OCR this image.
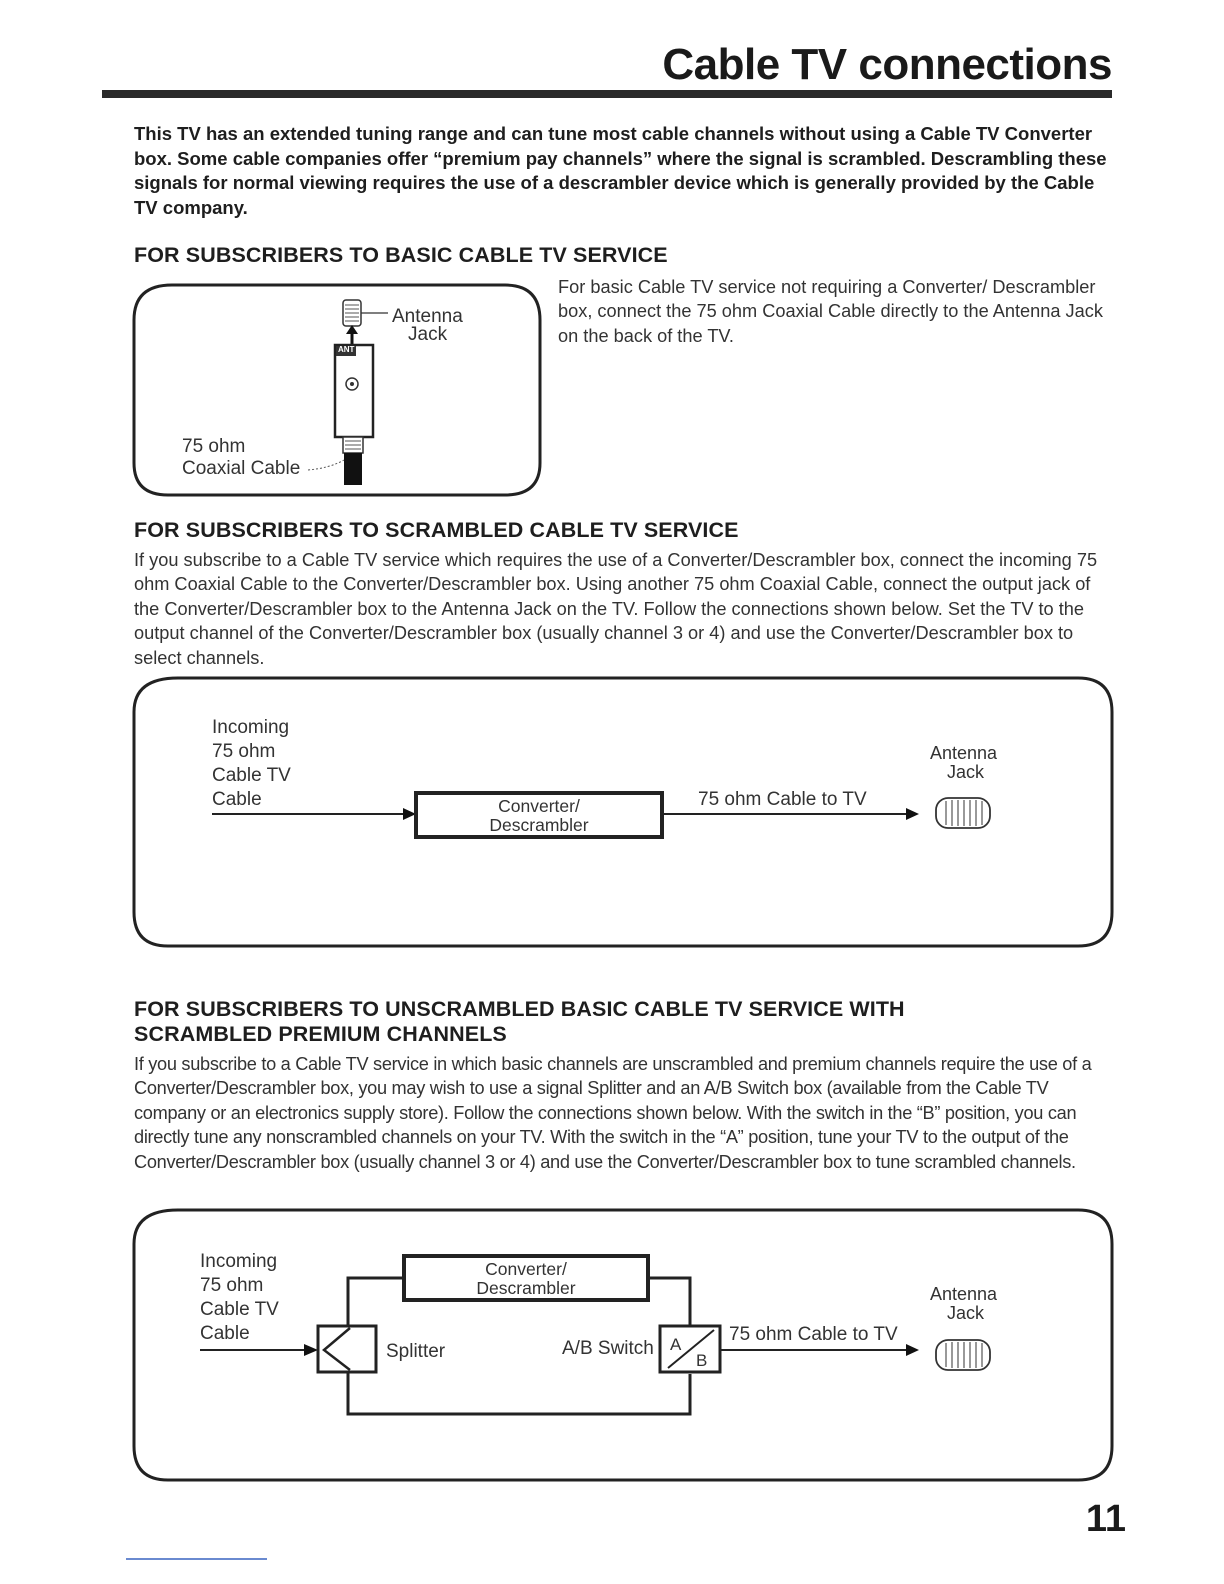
Cable TV connections
This TV has an extended tuning range and can tune most cable channels without using a Cable TV Converter box. Some cable companies offer “premium pay channels” where the signal is scrambled. Descrambling these signals for normal viewing requires the use of a descrambler device which is generally provided by the Cable TV company.
FOR SUBSCRIBERS TO BASIC CABLE TV SERVICE
For basic Cable TV service not requiring a Converter/ Descrambler box, connect the 75 ohm Coaxial Cable directly to the Antenna Jack on the back of the TV.
Antenna
Jack
ANT
75 ohm
Coaxial Cable
FOR SUBSCRIBERS TO SCRAMBLED CABLE TV SERVICE
If you subscribe to a Cable TV service which requires the use of a Converter/Descrambler box, connect the incoming 75 ohm Coaxial Cable to the Converter/Descrambler box. Using another 75 ohm Coaxial Cable, connect the output jack of the Converter/Descrambler box to the Antenna Jack on the TV. Follow the connections shown below. Set the TV to the output channel of the Converter/Descrambler box (usually channel 3 or 4) and use the Converter/Descrambler box to select channels.
Incoming
75 ohm
Cable TV
Cable	Converter/
Descrambler
75 ohm Cable to TV
Antenna
Jack
FOR SUBSCRIBERS TO UNSCRAMBLED BASIC CABLE TV SERVICE WITH
SCRAMBLED PREMIUM CHANNELS
If you subscribe to a Cable TV service in which basic channels are unscrambled and premium channels require the use of a Converter/Descrambler box, you may wish to use a signal Splitter and an A/B Switch box (available from the Cable TV company or an electronics supply store). Follow the connections shown below. With the switch in the “B” position, you can directly tune any nonscrambled channels on your TV. With the switch in the “A” position, tune your TV to the output of the Converter/Descrambler box (usually channel 3 or 4) and use the Converter/Descrambler box to tune scrambled channels.
Incoming
75 ohm
Cable TV
Cable
Converter/
Descrambler
Splitter	A/B Switch A
B
75 ohm Cable to TV
Antenna
Jack
11
